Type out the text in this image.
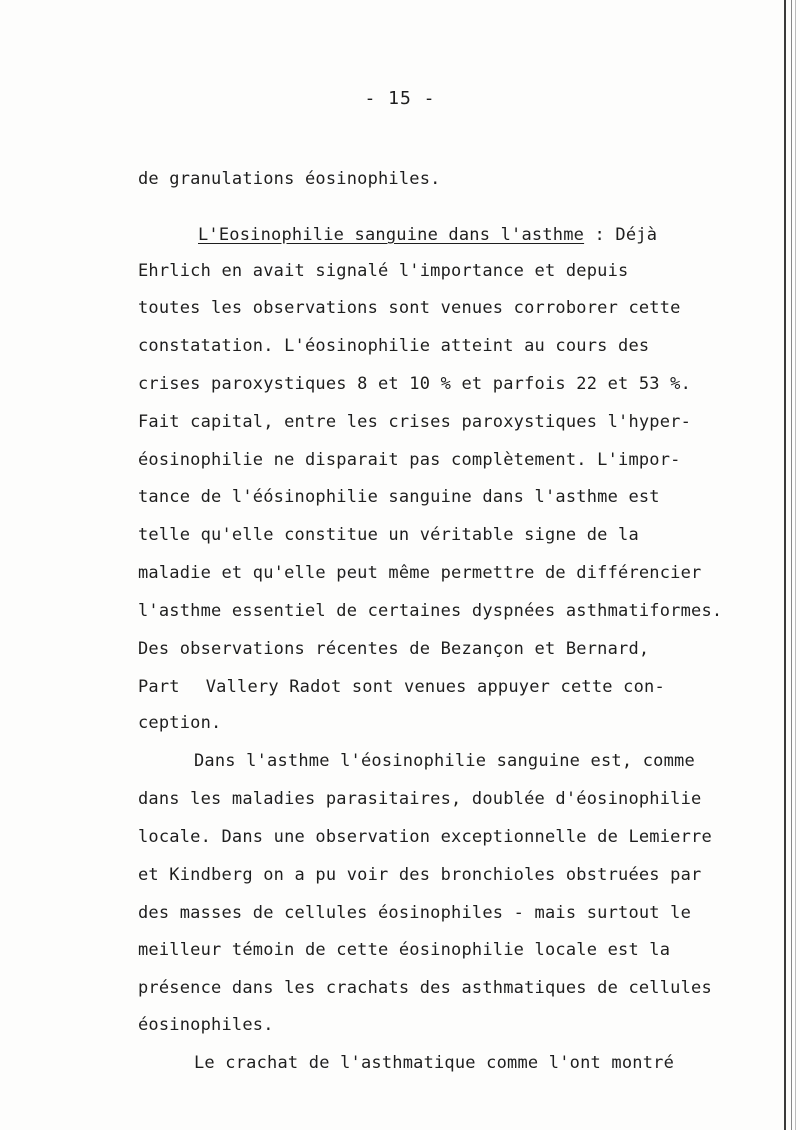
- 15 -
de granulations éosinophiles.
L'Eosinophilie sanguine dans l'asthme : Déjà
Ehrlich en avait signalé l'importance et depuis
toutes les observations sont venues corroborer cette
constatation. L'éosinophilie atteint au cours des
crises paroxystiques 8 et 10 % et parfois 22 et 53 %.
Fait capital, entre les crises paroxystiques l'hyper-
éosinophilie ne disparait pas complètement. L'impor-
tance de l'éósinophilie sanguine dans l'asthme est
telle qu'elle constitue un véritable signe de la
maladie et qu'elle peut même permettre de différencier
l'asthme essentiel de certaines dyspnées asthmatiformes.
Des observations récentes de Bezançon et Bernard,
Part Vallery Radot sont venues appuyer cette con-
ception.
Dans l'asthme l'éosinophilie sanguine est, comme
dans les maladies parasitaires, doublée d'éosinophilie
locale. Dans une observation exceptionnelle de Lemierre
et Kindberg on a pu voir des bronchioles obstruées par
des masses de cellules éosinophiles - mais surtout le
meilleur témoin de cette éosinophilie locale est la
présence dans les crachats des asthmatiques de cellules
éosinophiles.
Le crachat de l'asthmatique comme l'ont montré
